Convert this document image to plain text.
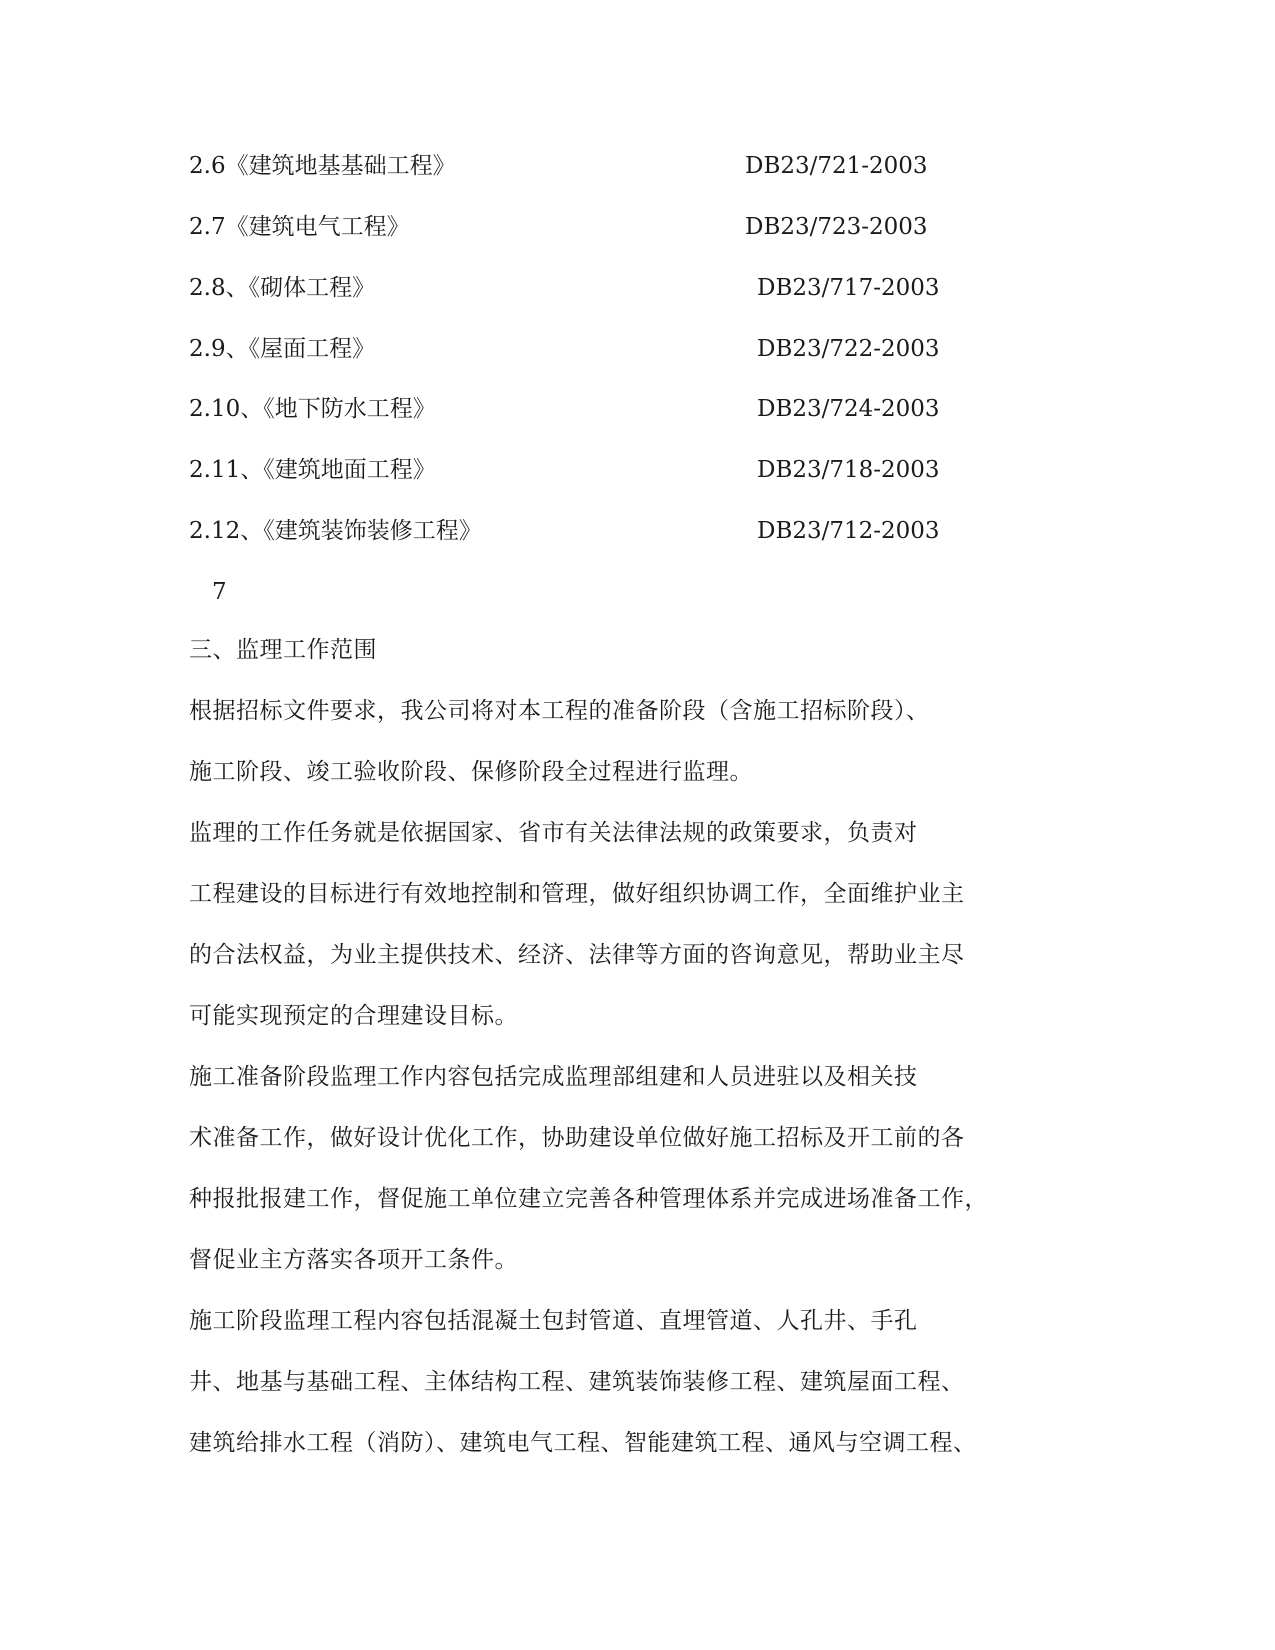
2.6《建筑地基基础工程》	DB23/721-2003
2.7《建筑电气工程》	DB23/723-2003
2.8、《砌体工程》	DB23/717-2003
2.9、《屋面工程》	DB23/722-2003
2.10、《地下防水工程》	DB23/724-2003
2.11、《建筑地面工程》	DB23/718-2003
2.12、《建筑装饰装修工程》	DB23/712-2003
7
三、监理工作范围
根据招标文件要求，我公司将对本工程的准备阶段（含施工招标阶段）、
施工阶段、竣工验收阶段、保修阶段全过程进行监理。
监理的工作任务就是依据国家、省市有关法律法规的政策要求，负责对
工程建设的目标进行有效地控制和管理，做好组织协调工作，全面维护业主
的合法权益，为业主提供技术、经济、法律等方面的咨询意见，帮助业主尽
可能实现预定的合理建设目标。
施工准备阶段监理工作内容包括完成监理部组建和人员进驻以及相关技
术准备工作，做好设计优化工作，协助建设单位做好施工招标及开工前的各
种报批报建工作，督促施工单位建立完善各种管理体系并完成进场准备工作，
督促业主方落实各项开工条件。
施工阶段监理工程内容包括混凝土包封管道、直埋管道、人孔井、手孔
井、地基与基础工程、主体结构工程、建筑装饰装修工程、建筑屋面工程、
建筑给排水工程（消防）、建筑电气工程、智能建筑工程、通风与空调工程、
